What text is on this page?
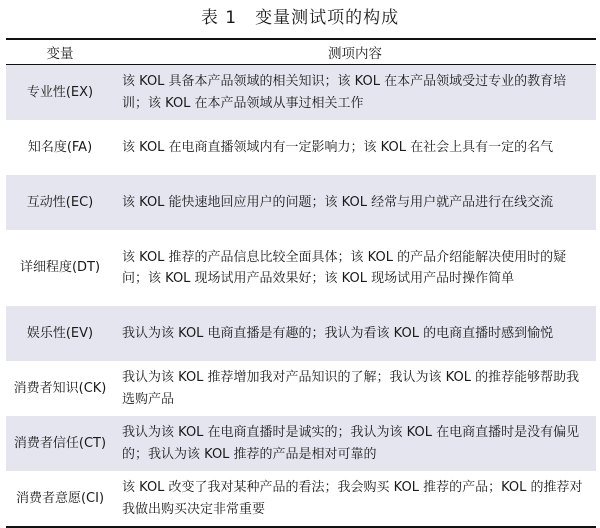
表 1　变量测试项的构成
变量	测项内容
专业性(EX)	该 KOL 具备本产品领域的相关知识；该 KOL 在本产品领域受过专业的教育培训；该 KOL 在本产品领域从事过相关工作
知名度(FA)	该 KOL 在电商直播领域内有一定影响力；该 KOL 在社会上具有一定的名气
互动性(EC)	该 KOL 能快速地回应用户的问题；该 KOL 经常与用户就产品进行在线交流
详细程度(DT)	该 KOL 推荐的产品信息比较全面具体；该 KOL 的产品介绍能解决使用时的疑问；该 KOL 现场试用产品效果好；该 KOL 现场试用产品时操作简单
娱乐性(EV)	我认为该 KOL 电商直播是有趣的；我认为看该 KOL 的电商直播时感到愉悦
消费者知识(CK)	我认为该 KOL 推荐增加我对产品知识的了解；我认为该 KOL 的推荐能够帮助我选购产品
消费者信任(CT)	我认为该 KOL 在电商直播时是诚实的；我认为该 KOL 在电商直播时是没有偏见的；我认为该 KOL 推荐的产品是相对可靠的
消费者意愿(CI)	该 KOL 改变了我对某种产品的看法；我会购买 KOL 推荐的产品；KOL 的推荐对我做出购买决定非常重要
